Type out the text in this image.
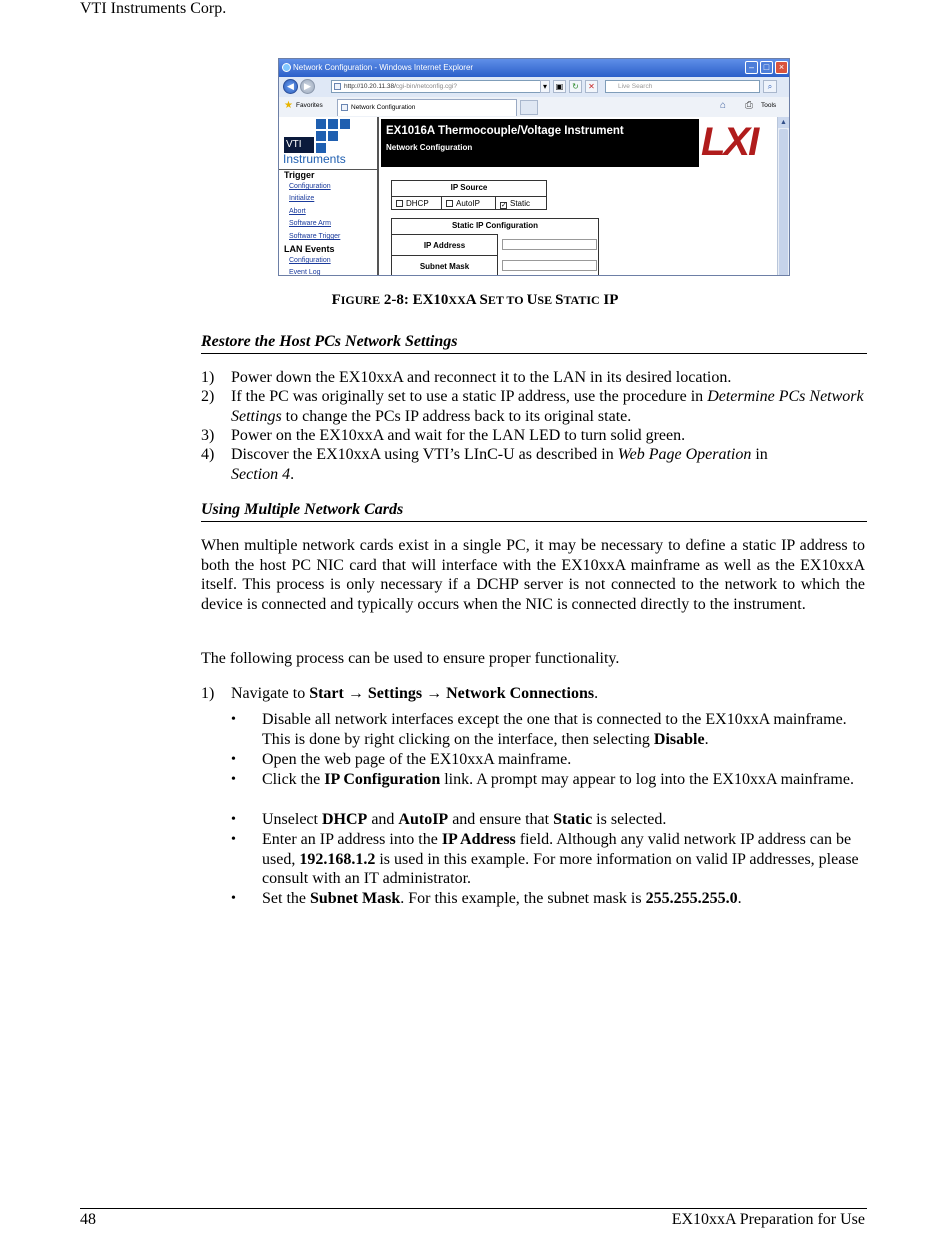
VTI Instruments Corp.
Network Configuration - Windows Internet Explorer	–	□	×
◀	▶	http://10.20.11.38/cgi-bin/netconfig.cgi?	▾	▣	↻	✕	Live Search	⌕
★ Favorites	Network Configuration	⌂ ⎙ Tools
VTI
Instruments
Trigger
Configuration
Initialize
Abort
Software Arm
Software Trigger
LAN Events
Configuration
Event Log
EX1016A Thermocouple/Voltage Instrument
Network Configuration	LXI
IP Source
DHCP	AutoIP	✓ Static
Static IP Configuration
IP Address
Subnet Mask
▲
FIGURE 2-8: EX10XXA SET TO USE STATIC IP
Restore the Host PCs Network Settings
1) Power down the EX10xxA and reconnect it to the LAN in its desired location.
2) If the PC was originally set to use a static IP address, use the procedure in Determine PCs Network Settings to change the PCs IP address back to its original state.
3) Power on the EX10xxA and wait for the LAN LED to turn solid green.
4) Discover the EX10xxA using VTI’s LInC-U as described in Web Page Operation in
Section 4.
Using Multiple Network Cards
When multiple network cards exist in a single PC, it may be necessary to define a static IP address to both the host PC NIC card that will interface with the EX10xxA mainframe as well as the EX10xxA itself. This process is only necessary if a DCHP server is not connected to the network to which the device is connected and typically occurs when the NIC is connected directly to the instrument.
The following process can be used to ensure proper functionality.
1) Navigate to Start → Settings → Network Connections.
• Disable all network interfaces except the one that is connected to the EX10xxA mainframe. This is done by right clicking on the interface, then selecting Disable.
• Open the web page of the EX10xxA mainframe.
• Click the IP Configuration link. A prompt may appear to log into the EX10xxA mainframe.
• Unselect DHCP and AutoIP and ensure that Static is selected.
• Enter an IP address into the IP Address field. Although any valid network IP address can be used, 192.168.1.2 is used in this example. For more information on valid IP addresses, please consult with an IT administrator.
• Set the Subnet Mask. For this example, the subnet mask is 255.255.255.0.
48	EX10xxA Preparation for Use
